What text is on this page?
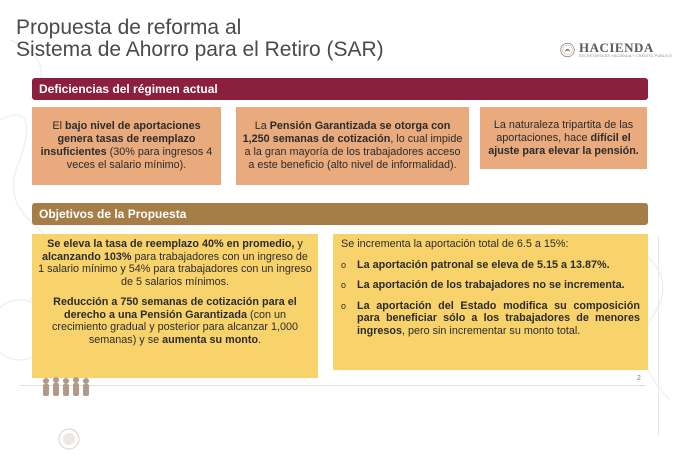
Propuesta de reforma al
Sistema de Ahorro para el Retiro (SAR)	HACIENDA
SECRETARÍA DE HACIENDA Y CRÉDITO PÚBLICO
Deficiencias del régimen actual
El bajo nivel de aportaciones genera tasas de reemplazo insuficientes (30% para ingresos 4 veces el salario mínimo).
La Pensión Garantizada se otorga con 1,250 semanas de cotización, lo cual impide a la gran mayoría de los trabajadores acceso a este beneficio (alto nivel de informalidad).
La naturaleza tripartita de las aportaciones, hace difícil el ajuste para elevar la pensión.
Objetivos de la Propuesta

Se eleva la tasa de reemplazo 40% en promedio, y alcanzando 103% para trabajadores con un ingreso de 1 salario mínimo y 54% para trabajadores con un ingreso de 5 salarios mínimos.

Reducción a 750 semanas de cotización para el derecho a una Pensión Garantizada (con un crecimiento gradual y posterior para alcanzar 1,000 semanas) y se aumenta su monto.

Se incrementa la aportación total de 6.5 a 15%:
o	La aportación patronal se eleva de 5.15 a 13.87%.
o	La aportación de los trabajadores no se incrementa.
o	La aportación del Estado modifica su composición para beneficiar sólo a los trabajadores de menores ingresos, pero sin incrementar su monto total.
2
